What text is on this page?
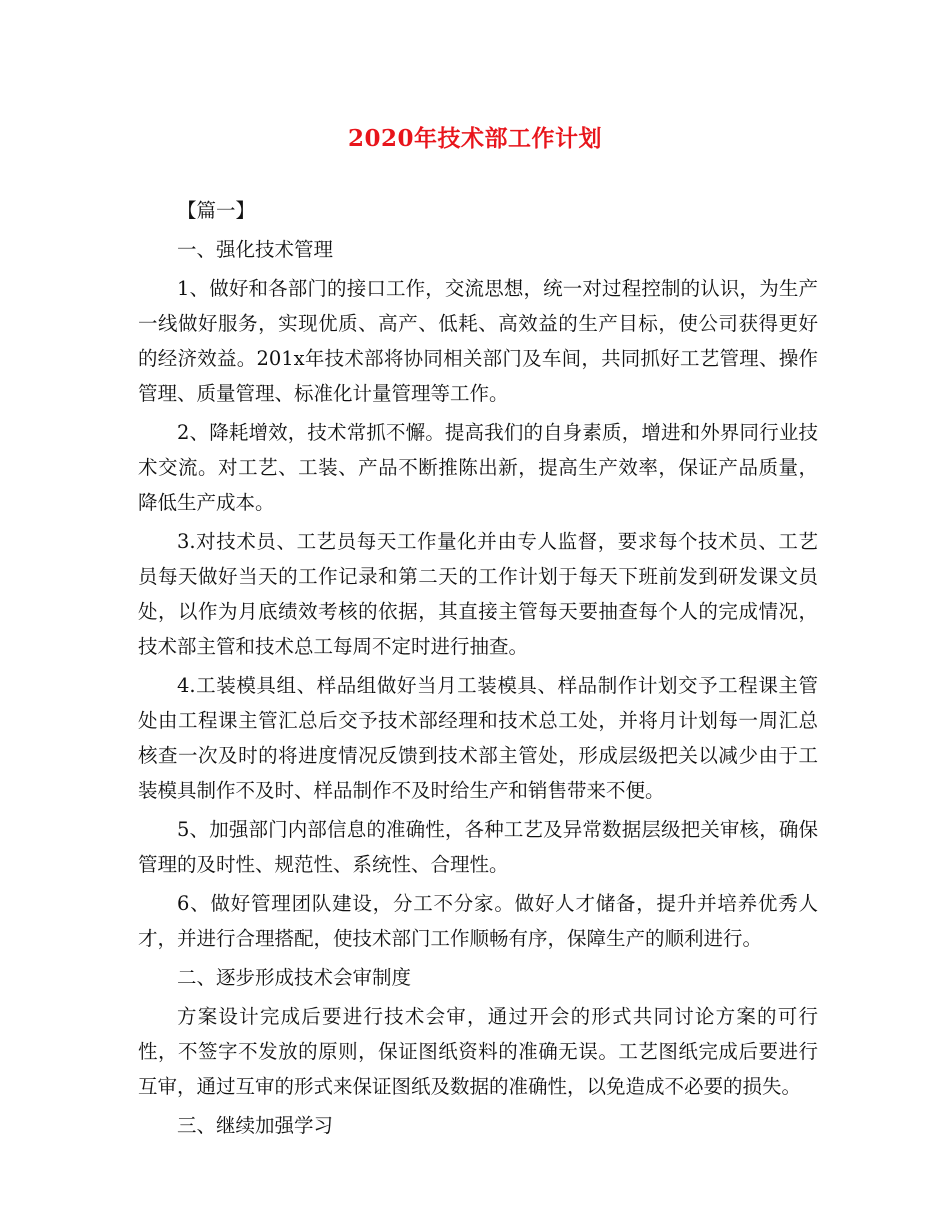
2020年技术部工作计划

【篇一】

一、强化技术管理

1、做好和各部门的接口工作，交流思想，统一对过程控制的认识，为生产一线做好服务，实现优质、高产、低耗、高效益的生产目标，使公司获得更好的经济效益。201x年技术部将协同相关部门及车间，共同抓好工艺管理、操作管理、质量管理、标准化计量管理等工作。

2、降耗增效，技术常抓不懈。提高我们的自身素质，增进和外界同行业技术交流。对工艺、工装、产品不断推陈出新，提高生产效率，保证产品质量，降低生产成本。

3.对技术员、工艺员每天工作量化并由专人监督，要求每个技术员、工艺员每天做好当天的工作记录和第二天的工作计划于每天下班前发到研发课文员处，以作为月底绩效考核的依据，其直接主管每天要抽查每个人的完成情况，技术部主管和技术总工每周不定时进行抽查。

4.工装模具组、样品组做好当月工装模具、样品制作计划交予工程课主管处由工程课主管汇总后交予技术部经理和技术总工处，并将月计划每一周汇总核查一次及时的将进度情况反馈到技术部主管处，形成层级把关以减少由于工装模具制作不及时、样品制作不及时给生产和销售带来不便。

5、加强部门内部信息的准确性，各种工艺及异常数据层级把关审核，确保管理的及时性、规范性、系统性、合理性。

6、做好管理团队建设，分工不分家。做好人才储备，提升并培养优秀人才，并进行合理搭配，使技术部门工作顺畅有序，保障生产的顺利进行。

二、逐步形成技术会审制度

方案设计完成后要进行技术会审，通过开会的形式共同讨论方案的可行性，不签字不发放的原则，保证图纸资料的准确无误。工艺图纸完成后要进行互审，通过互审的形式来保证图纸及数据的准确性，以免造成不必要的损失。

三、继续加强学习
